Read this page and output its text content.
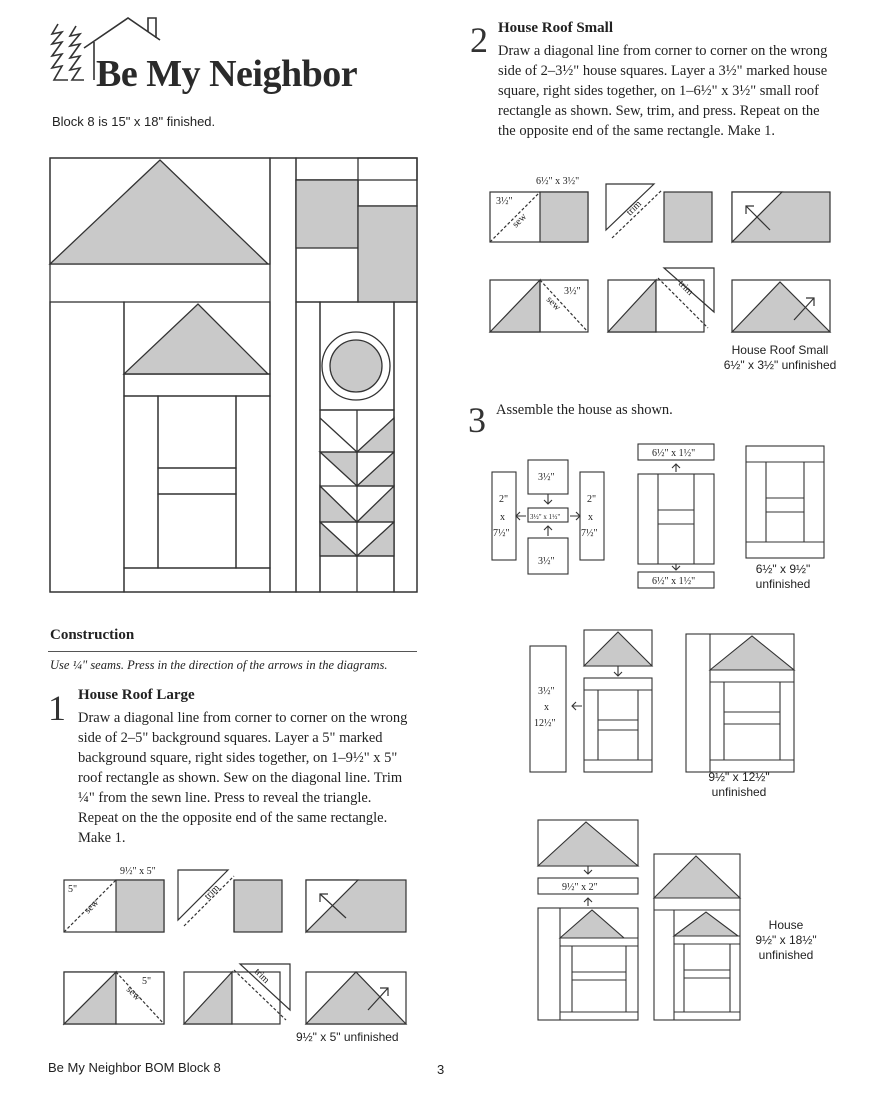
Be My Neighbor
Block 8 is 15" x 18" finished.
Construction
Use ¼" seams. Press in the direction of the arrows in the diagrams.
1 House Roof Large
Draw a diagonal line from corner to corner on the wrong side of 2–5" background squares. Layer a 5" marked background square, right sides together, on 1–9½" x 5" roof rectangle as shown. Sew on the diagonal line. Trim ¼" from the sewn line. Press to reveal the triangle. Repeat on the the opposite end of the same rectangle. Make 1.
9½" x 5"
5"
sew
trim
5"
sew
trim
9½" x 5" unfinished
2 House Roof Small
Draw a diagonal line from corner to corner on the wrong side of 2–3½" house squares. Layer a 3½" marked house square, right sides together, on 1–6½" x 3½" small roof rectangle as shown. Sew, trim, and press. Repeat on the the opposite end of the same rectangle. Make 1.
6½" x 3½"
3½"
sew
trim
3½"
sew
trim
House Roof Small
6½" x 3½" unfinished
3 Assemble the house as shown.
3½"
3½" x 1½"
3½"
2"
x
7½"
2"
x
7½"
6½" x 1½"
6½" x 1½"
6½" x 9½"
unfinished
3½"
x
12½"
9½" x 12½"
unfinished
9½" x 2"
House
9½" x 18½"
unfinished
Be My Neighbor BOM Block 8	3
